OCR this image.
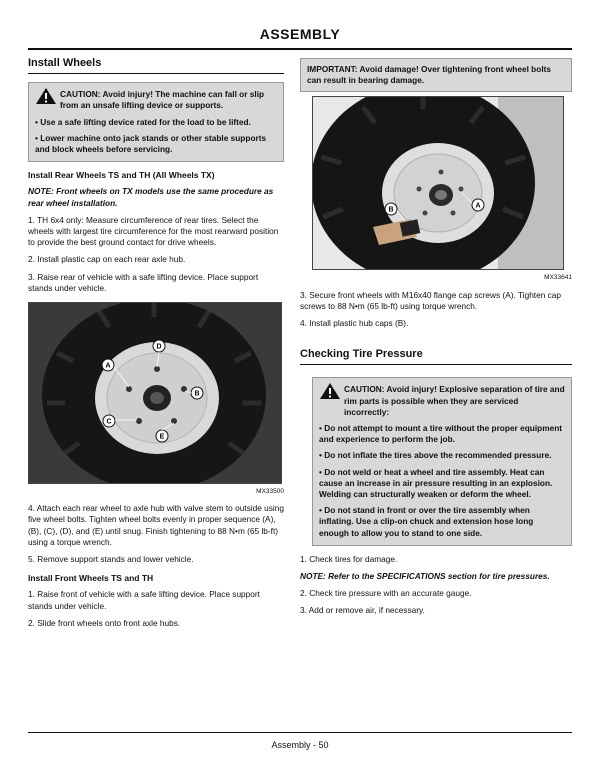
ASSEMBLY
Install Wheels
CAUTION: Avoid injury! The machine can fall or slip from an unsafe lifting device or supports.

• Use a safe lifting device rated for the load to be lifted.

• Lower machine onto jack stands or other stable supports and block wheels before servicing.

Install Rear Wheels TS and TH (All Wheels TX)

NOTE: Front wheels on TX models use the same procedure as rear wheel installation.

1. TH 6x4 only: Measure circumference of rear tires. Select the wheels with largest tire circumference for the most rearward position to provide the best ground contact for drive wheels.

2. Install plastic cap on each rear axle hub.

3. Raise rear of vehicle with a safe lifting device. Place support stands under vehicle.

D
A
B
C
E
MX33500

4. Attach each rear wheel to axle hub with valve stem to outside using five wheel bolts. Tighten wheel bolts evenly in proper sequence (A), (B), (C), (D), and (E) until snug. Finish tightening to 88 N•m (65 lb-ft) using a torque wrench.

5. Remove support stands and lower vehicle.

Install Front Wheels TS and TH

1. Raise front of vehicle with a safe lifting device. Place support stands under vehicle.

2. Slide front wheels onto front axle hubs.

IMPORTANT: Avoid damage! Over tightening front wheel bolts can result in bearing damage.
A
B
MX33641

3. Secure front wheels with M16x40 flange cap screws (A). Tighten cap screws to 88 N•m (65 lb-ft) using torque wrench.

4. Install plastic hub caps (B).

Checking Tire Pressure
CAUTION: Avoid injury! Explosive separation of tire and rim parts is possible when they are serviced incorrectly:

• Do not attempt to mount a tire without the proper equipment and experience to perform the job.

• Do not inflate the tires above the recommended pressure.

• Do not weld or heat a wheel and tire assembly. Heat can cause an increase in air pressure resulting in an explosion. Welding can structurally weaken or deform the wheel.

• Do not stand in front or over the tire assembly when inflating. Use a clip-on chuck and extension hose long enough to allow you to stand to one side.

1. Check tires for damage.

NOTE: Refer to the SPECIFICATIONS section for tire pressures.

2. Check tire pressure with an accurate gauge.

3. Add or remove air, if necessary.

Assembly - 50
